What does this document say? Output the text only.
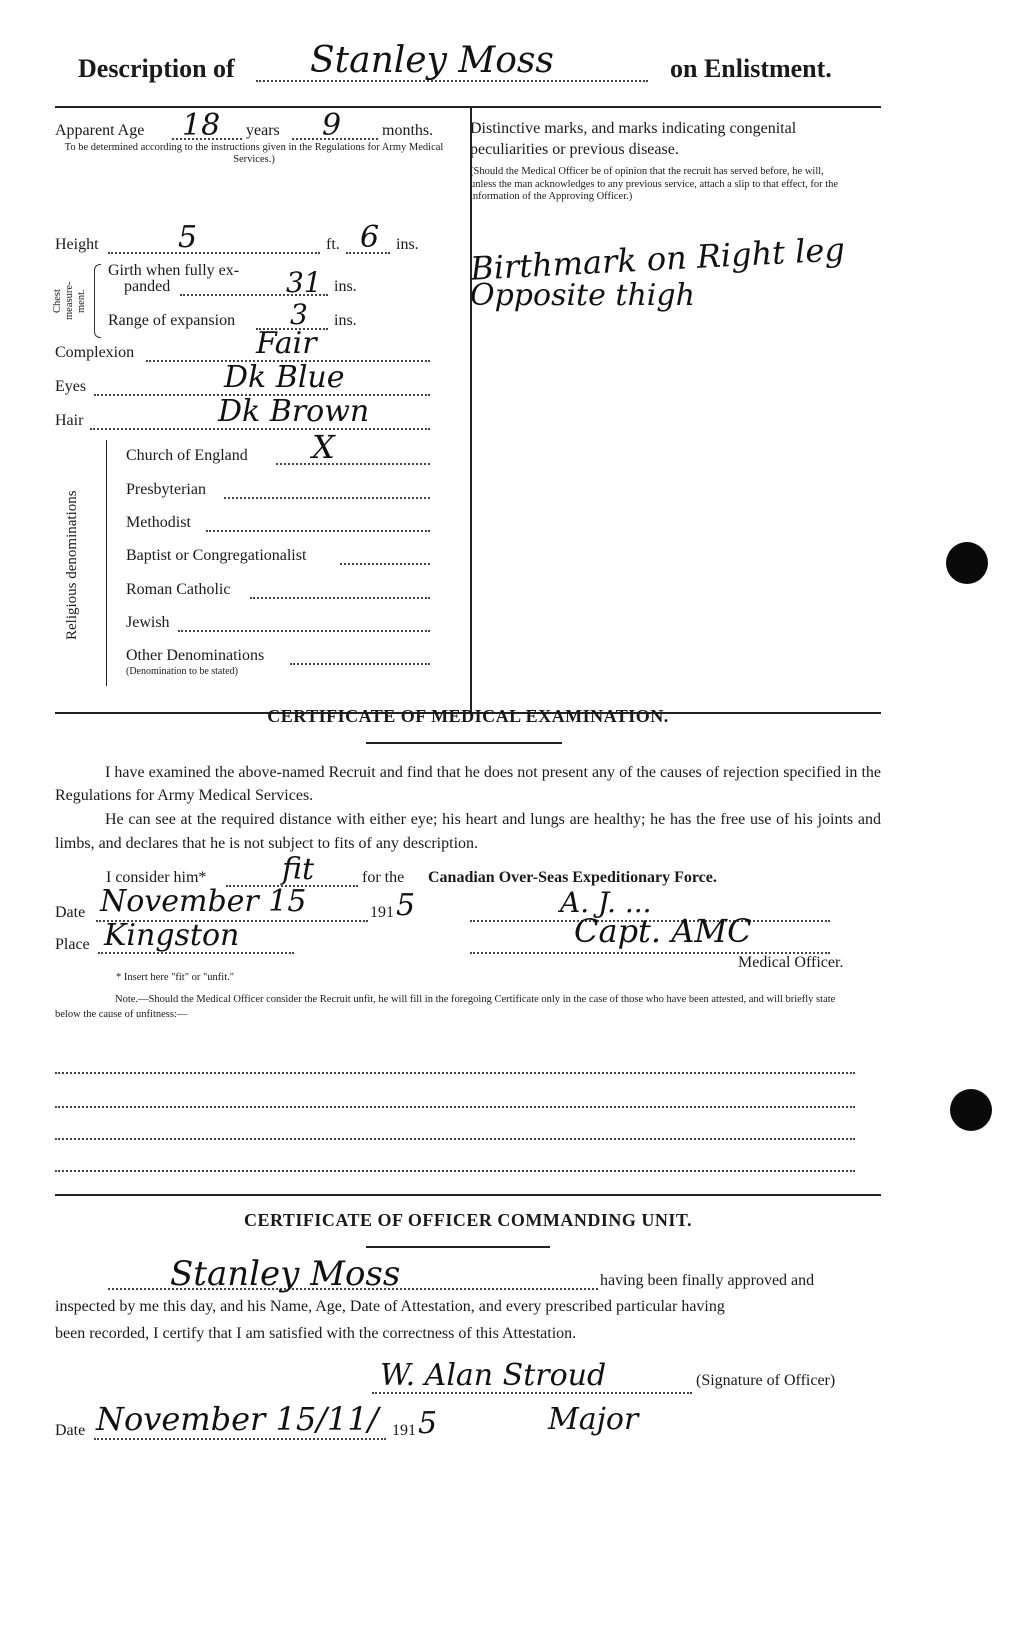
Description of Stanley Moss	on Enlistment.
Apparent Age 18 years 9	months.
To be determined according to the instructions given in the Regulations for Army Medical Services.)
Height	5	ft. 6 ins.
Chest measure-ment.
Girth when fully ex-
panded	31 ins.
Range of expansion 3 ins.
Complexion	Fair
Eyes	Dk Blue
Hair	Dk Brown
Religious denominations
Church of England X
Presbyterian
Methodist
Baptist or Congregationalist
Roman Catholic
Jewish
Other Denominations
(Denomination to be stated)
Distinctive marks, and marks indicating congenital peculiarities or previous disease.
(Should the Medical Officer be of opinion that the recruit has served before, he will, unless the man acknowledges to any previous service, attach a slip to that effect, for the information of the Approving Officer.)
Birthmark on Right leg
Opposite thigh
CERTIFICATE OF MEDICAL EXAMINATION.
I have examined the above-named Recruit and find that he does not present any of the causes of rejection specified in the Regulations for Army Medical Services.
He can see at the required distance with either eye; his heart and lungs are healthy; he has the free use of his joints and limbs, and declares that he is not subject to fits of any description.
I consider him*	fit	for the Canadian Over-Seas Expeditionary Force.
Date November 15	191 5	A. J. ...
Place Kingston	Capt. AMC
Medical Officer.
* Insert here "fit" or "unfit."
Note.—Should the Medical Officer consider the Recruit unfit, he will fill in the foregoing Certificate only in the case of those who have been attested, and will briefly state below the cause of unfitness:—
CERTIFICATE OF OFFICER COMMANDING UNIT.
Stanley Moss	having been finally approved and
inspected by me this day, and his Name, Age, Date of Attestation, and every prescribed particular having
been recorded, I certify that I am satisfied with the correctness of this Attestation.
W. Alan Stroud	(Signature of Officer)
Major
Date November 15/11/ 191 5
